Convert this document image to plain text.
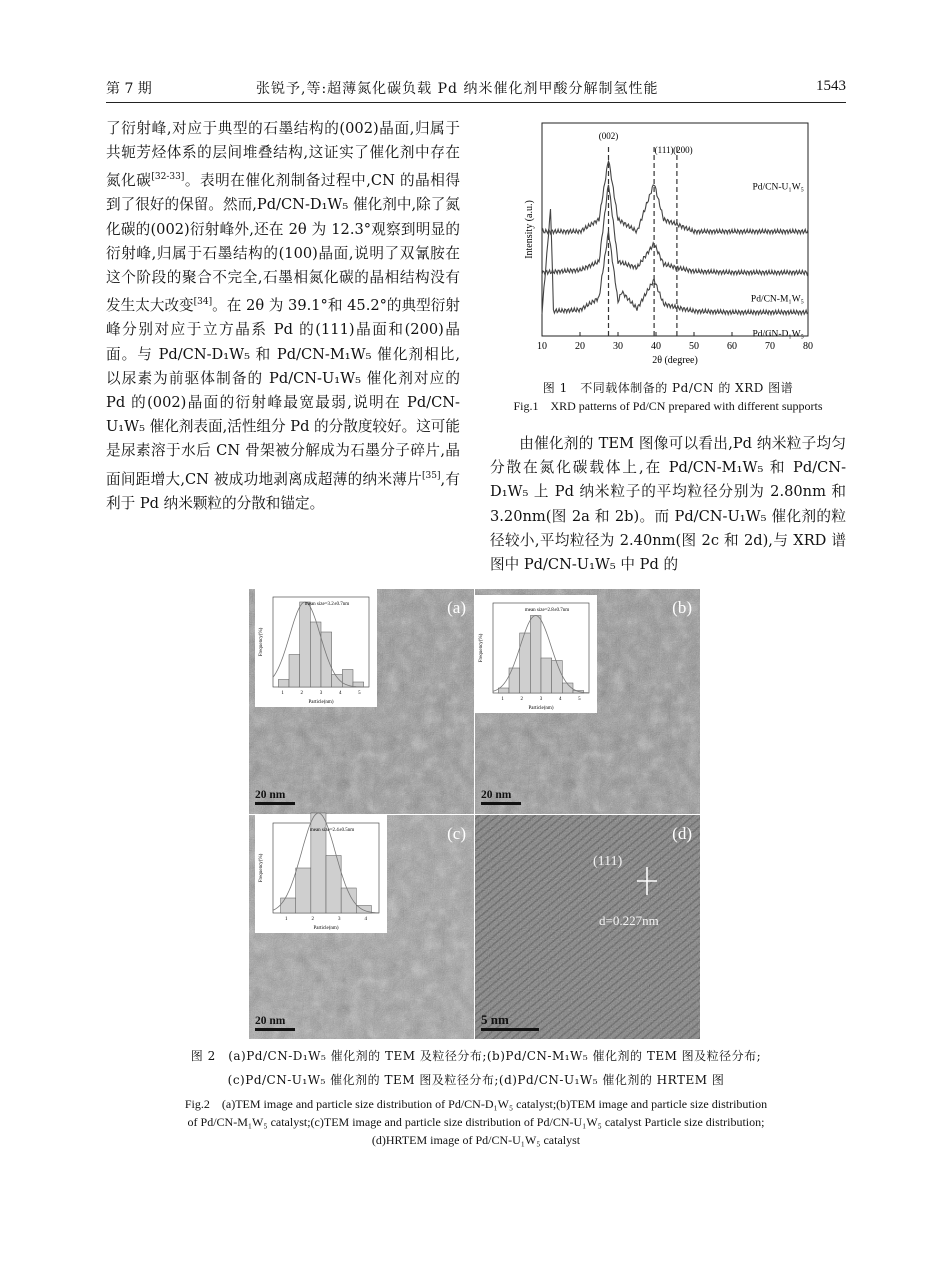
第 7 期	张锐予,等:超薄氮化碳负载 Pd 纳米催化剂甲酸分解制氢性能	1543

了衍射峰,对应于典型的石墨结构的(002)晶面,归属于共轭芳烃体系的层间堆叠结构,这证实了催化剂中存在氮化碳[32-33]。表明在催化剂制备过程中,CN 的晶相得到了很好的保留。然而,Pd/CN-D₁W₅ 催化剂中,除了氮化碳的(002)衍射峰外,还在 2θ 为 12.3°观察到明显的衍射峰,归属于石墨结构的(100)晶面,说明了双氰胺在这个阶段的聚合不完全,石墨相氮化碳的晶相结构没有发生太大改变[34]。在 2θ 为 39.1°和 45.2°的典型衍射峰分别对应于立方晶系 Pd 的(111)晶面和(200)晶面。与 Pd/CN-D₁W₅ 和 Pd/CN-M₁W₅ 催化剂相比,以尿素为前驱体制备的 Pd/CN-U₁W₅ 催化剂对应的 Pd 的(002)晶面的衍射峰最宽最弱,说明在 Pd/CN-U₁W₅ 催化剂表面,活性组分 Pd 的分散度较好。这可能是尿素溶于水后 CN 骨架被分解成为石墨分子碎片,晶面间距增大,CN 被成功地剥离成超薄的纳米薄片[35],有利于 Pd 纳米颗粒的分散和锚定。

10	20	30	40	50	60	70	80
2θ (degree)
Intensity (a.u.)
(002)
(111) (200)
Pd/CN-U₁W₅
Pd/CN-M₁W₅
Pd/CN-D₁W₅
图 1　不同载体制备的 Pd/CN 的 XRD 图谱
Fig.1　XRD patterns of Pd/CN prepared with different supports

由催化剂的 TEM 图像可以看出,Pd 纳米粒子均匀分散在氮化碳载体上,在 Pd/CN-M₁W₅ 和 Pd/CN-D₁W₅ 上 Pd 纳米粒子的平均粒径分别为 2.80nm 和 3.20nm(图 2a 和 2b)。而 Pd/CN-U₁W₅ 催化剂的粒径较小,平均粒径为 2.40nm(图 2c 和 2d),与 XRD 谱图中 Pd/CN-U₁W₅ 中 Pd 的

(a)
20 nm
mean size=3.2±0.7nm
1	2	3	4	5
Particle(nm)
Frequency(%)
(b)
20 nm
mean size=2.8±0.7nm
1	2	3	4	5
Particle(nm)
Frequency(%)
(c)
20 nm
mean size=2.4±0.5nm
1	2	3	4
Particle(nm)
Frequency(%)
(d)
5 nm
(111)
d=0.227nm
图 2　(a)Pd/CN-D₁W₅ 催化剂的 TEM 及粒径分布;(b)Pd/CN-M₁W₅ 催化剂的 TEM 图及粒径分布;
(c)Pd/CN-U₁W₅ 催化剂的 TEM 图及粒径分布;(d)Pd/CN-U₁W₅ 催化剂的 HRTEM 图
Fig.2　(a)TEM image and particle size distribution of Pd/CN-D₁W₅ catalyst;(b)TEM image and particle size distribution
of Pd/CN-M₁W₅ catalyst;(c)TEM image and particle size distribution of Pd/CN-U₁W₅ catalyst Particle size distribution;
(d)HRTEM image of Pd/CN-U₁W₅ catalyst
